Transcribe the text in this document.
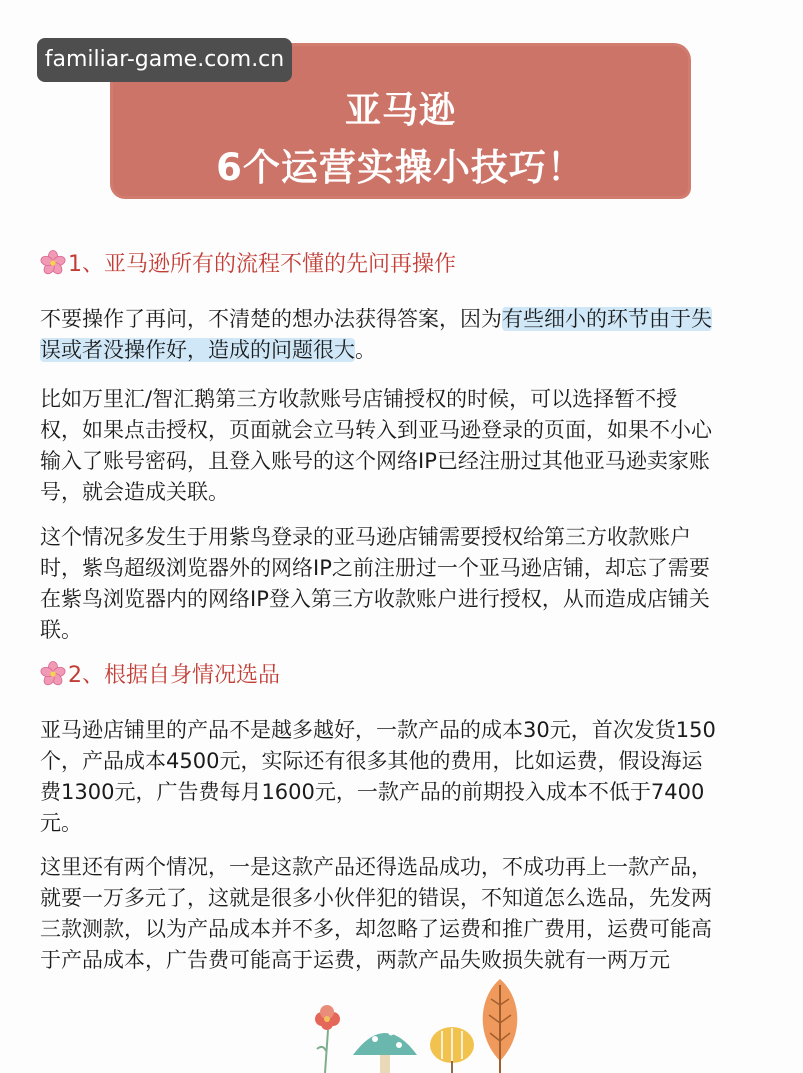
familiar-game.com.cn
亚马逊
6个运营实操小技巧！
1、亚马逊所有的流程不懂的先问再操作
不要操作了再问，不清楚的想办法获得答案，因为有些细小的环节由于失
误或者没操作好，造成的问题很大。
比如万里汇/智汇鹅第三方收款账号店铺授权的时候，可以选择暂不授
权，如果点击授权，页面就会立马转入到亚马逊登录的页面，如果不小心
输入了账号密码，且登入账号的这个网络IP已经注册过其他亚马逊卖家账
号，就会造成关联。
这个情况多发生于用紫鸟登录的亚马逊店铺需要授权给第三方收款账户
时，紫鸟超级浏览器外的网络IP之前注册过一个亚马逊店铺，却忘了需要
在紫鸟浏览器内的网络IP登入第三方收款账户进行授权，从而造成店铺关
联。
2、根据自身情况选品
亚马逊店铺里的产品不是越多越好，一款产品的成本30元，首次发货150
个，产品成本4500元，实际还有很多其他的费用，比如运费，假设海运
费1300元，广告费每月1600元，一款产品的前期投入成本不低于7400
元。
这里还有两个情况，一是这款产品还得选品成功，不成功再上一款产品，
就要一万多元了，这就是很多小伙伴犯的错误，不知道怎么选品，先发两
三款测款，以为产品成本并不多，却忽略了运费和推广费用，运费可能高
于产品成本，广告费可能高于运费，两款产品失败损失就有一两万元
